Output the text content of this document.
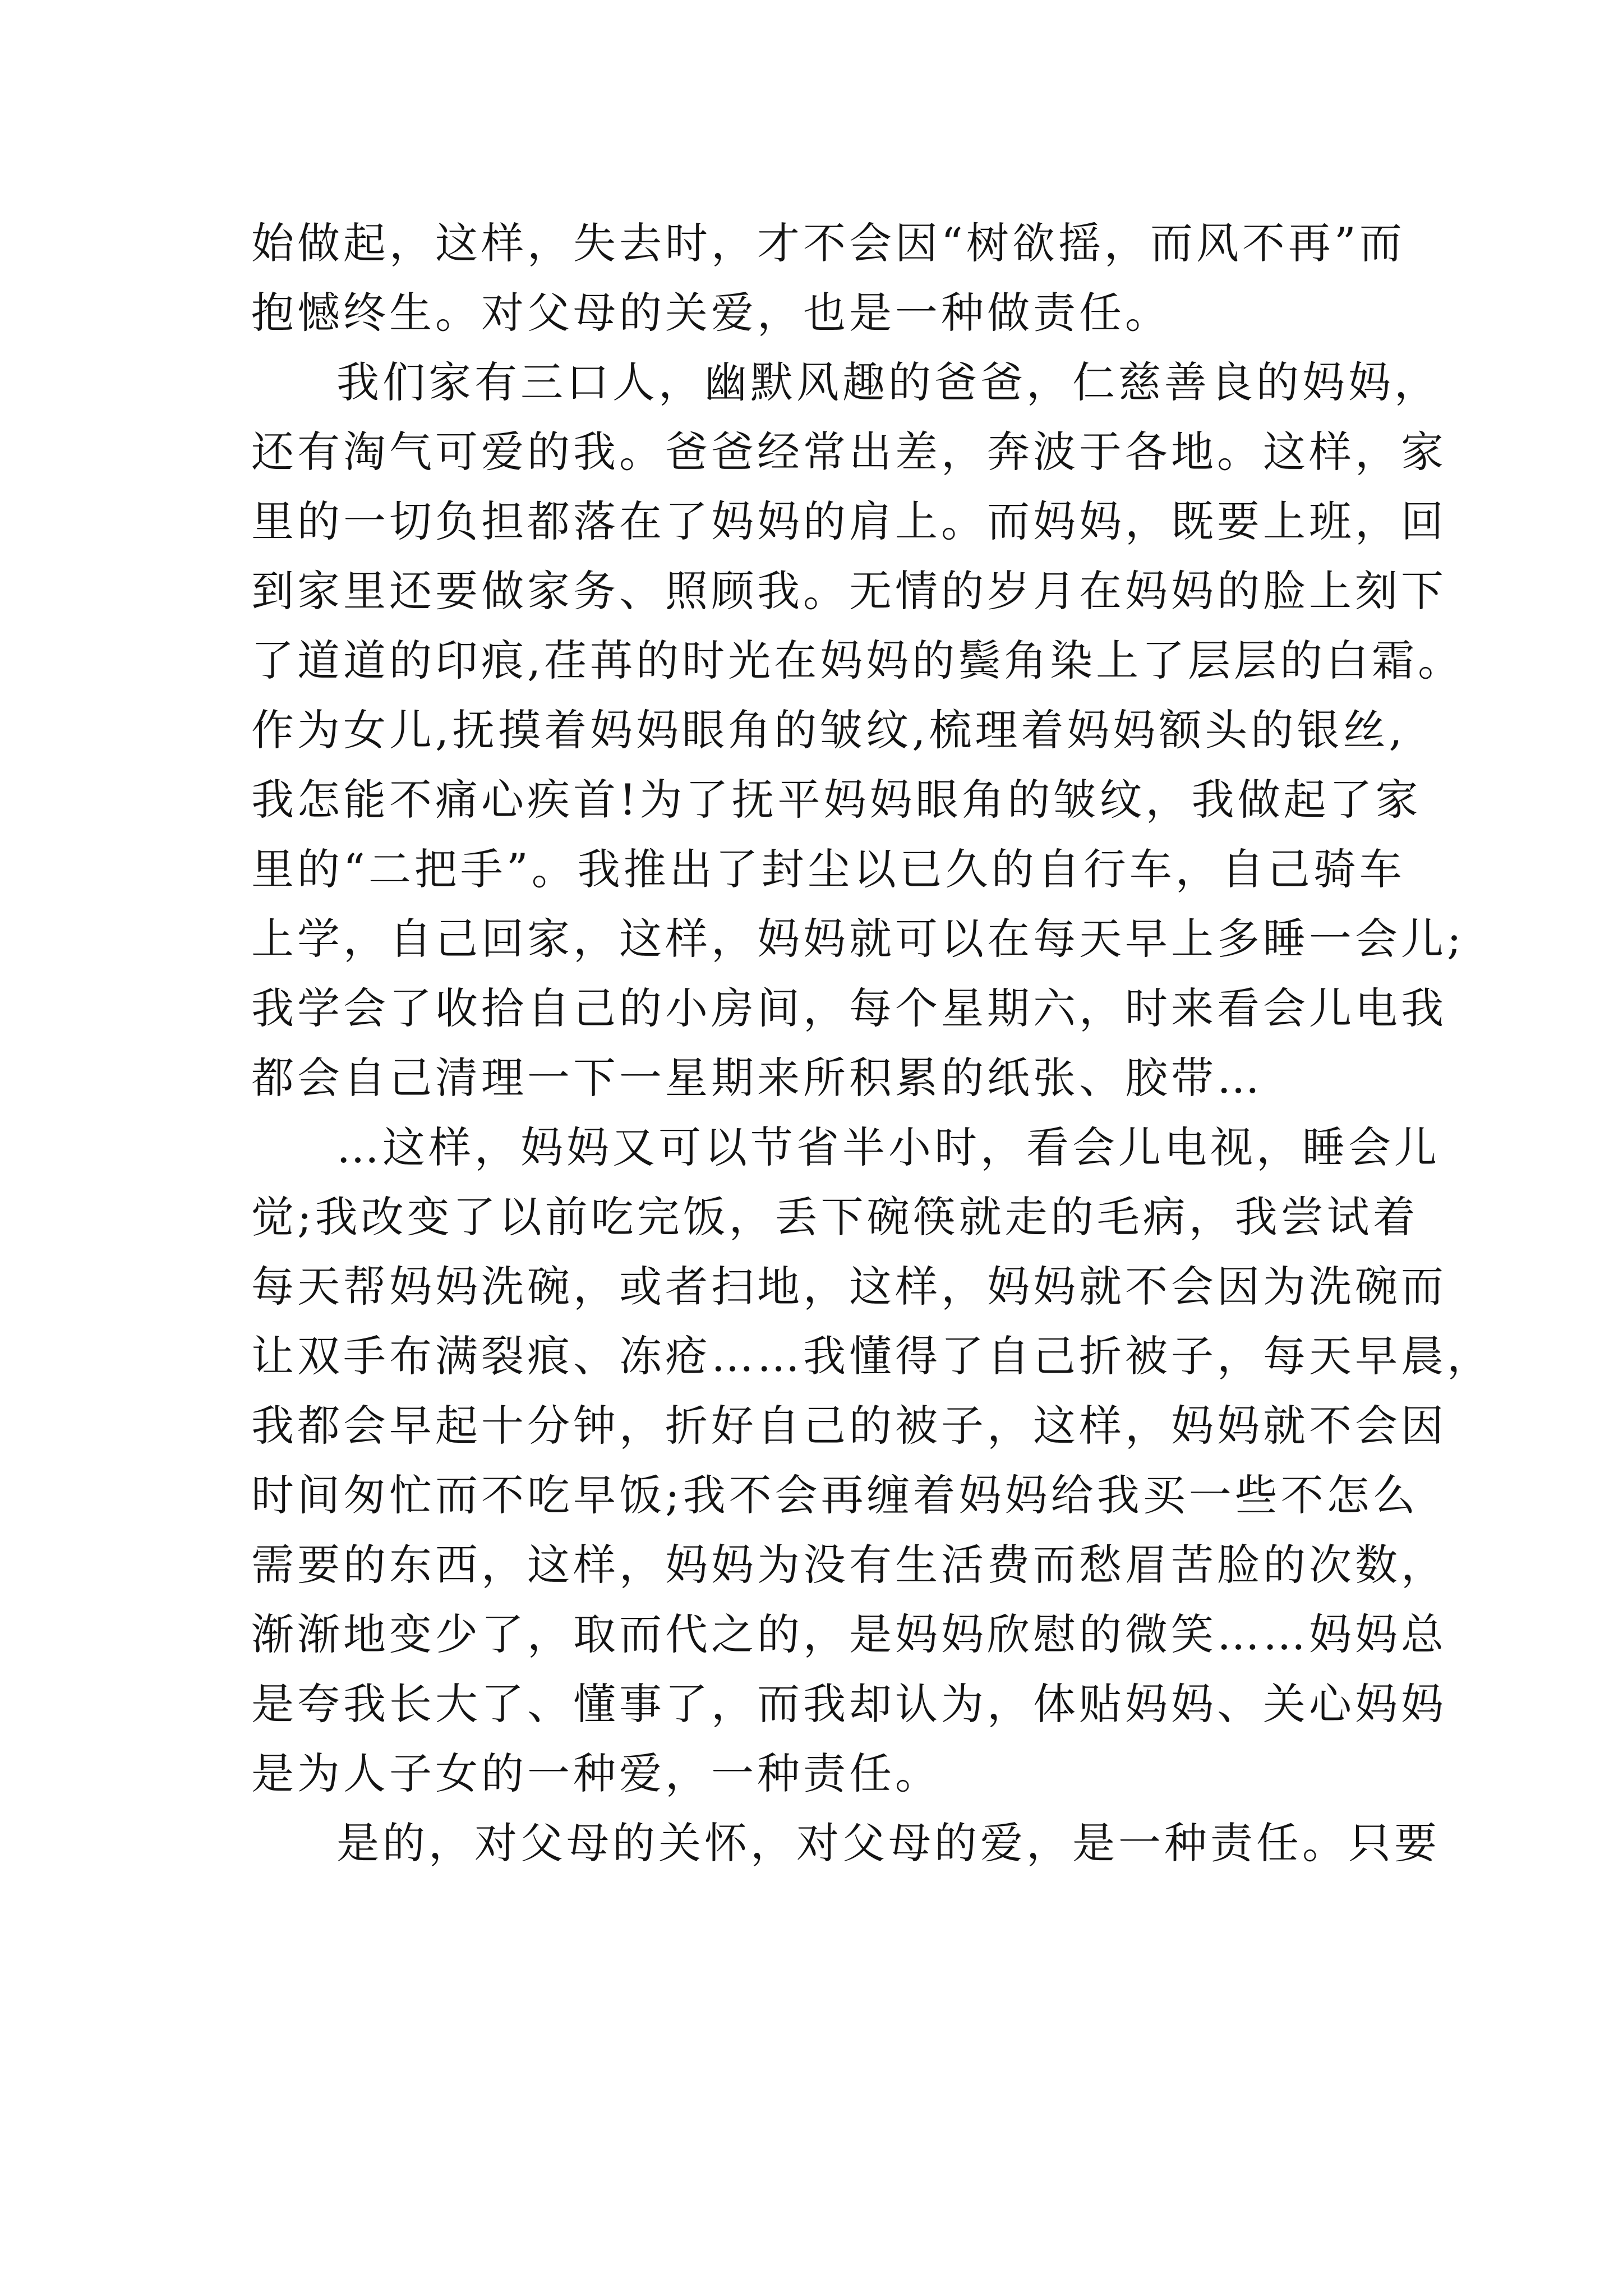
始做起，这样，失去时，才不会因“树欲摇，而风不再”而
抱憾终生。对父母的关爱，也是一种做责任。
我们家有三口人，幽默风趣的爸爸，仁慈善良的妈妈，
还有淘气可爱的我。爸爸经常出差，奔波于各地。这样，家
里的一切负担都落在了妈妈的肩上。而妈妈，既要上班，回
到家里还要做家务、照顾我。无情的岁月在妈妈的脸上刻下
了道道的印痕,荏苒的时光在妈妈的鬓角染上了层层的白霜。
作为女儿,抚摸着妈妈眼角的皱纹,梳理着妈妈额头的银丝,
我怎能不痛心疾首!为了抚平妈妈眼角的皱纹，我做起了家
里的“二把手”。我推出了封尘以已久的自行车，自己骑车
上学，自己回家，这样，妈妈就可以在每天早上多睡一会儿;
我学会了收拾自己的小房间，每个星期六，时来看会儿电我
都会自己清理一下一星期来所积累的纸张、胶带…
…这样，妈妈又可以节省半小时，看会儿电视，睡会儿
觉;我改变了以前吃完饭，丢下碗筷就走的毛病，我尝试着
每天帮妈妈洗碗，或者扫地，这样，妈妈就不会因为洗碗而
让双手布满裂痕、冻疮……我懂得了自己折被子，每天早晨，
我都会早起十分钟，折好自己的被子，这样，妈妈就不会因
时间匆忙而不吃早饭;我不会再缠着妈妈给我买一些不怎么
需要的东西，这样，妈妈为没有生活费而愁眉苦脸的次数，
渐渐地变少了，取而代之的，是妈妈欣慰的微笑……妈妈总
是夸我长大了、懂事了，而我却认为，体贴妈妈、关心妈妈
是为人子女的一种爱，一种责任。
是的，对父母的关怀，对父母的爱，是一种责任。只要
